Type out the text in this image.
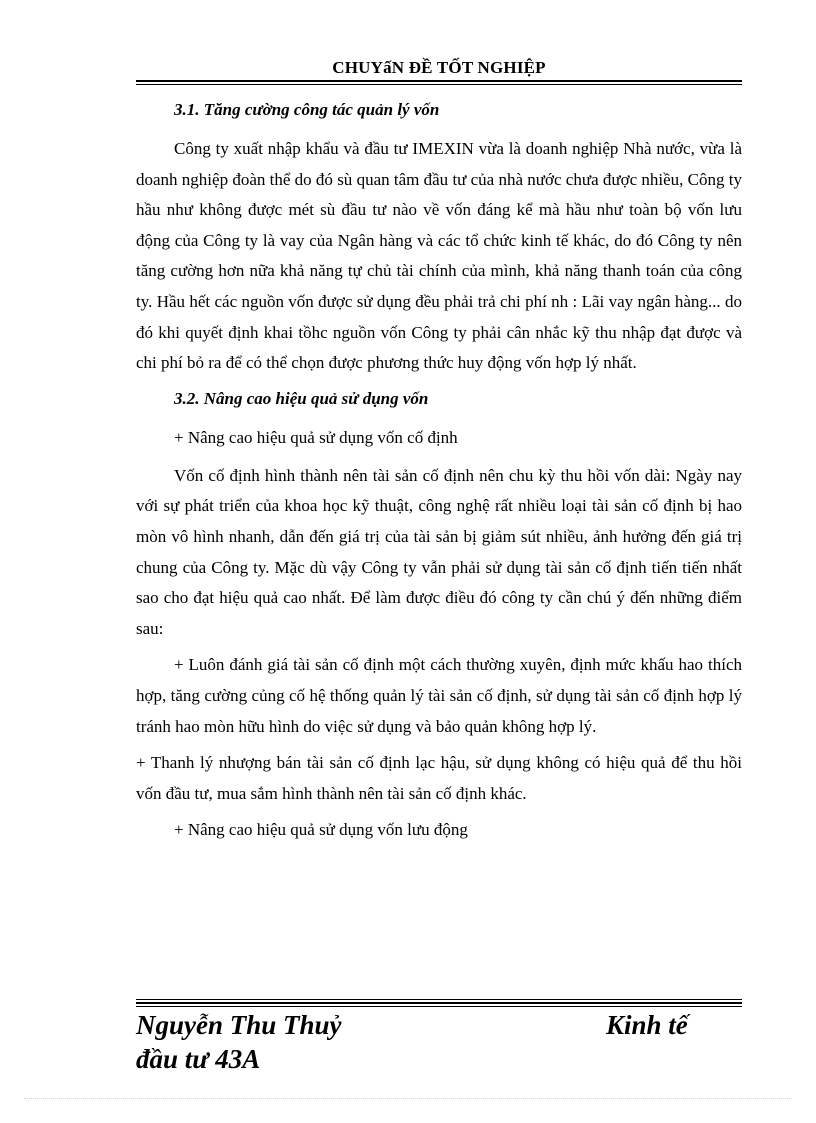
CHUYấN ĐỀ TỐT NGHIỆP

3.1. Tăng cường công tác quản lý vốn

Công ty xuất nhập khẩu và đầu tư IMEXIN vừa là doanh nghiệp Nhà nước, vừa là doanh nghiệp đoàn thể do đó sù quan tâm đầu tư của nhà nước chưa được nhiều, Công ty hầu như không được mét sù đầu tư nào về vốn đáng kể mà hầu như toàn bộ vốn lưu động của Công ty là vay của Ngân hàng và các tổ chức kinh tế khác, do đó Công ty nên tăng cường hơn nữa khả năng tự chủ tài chính của mình, khả năng thanh toán của công ty. Hầu hết các nguồn vốn được sử dụng đều phải trả chi phí nh : Lãi vay ngân hàng... do đó khi quyết định khai tồhc nguồn vốn Công ty phải cân nhắc kỹ thu nhập đạt được và chi phí bỏ ra để có thể chọn được phương thức huy động vốn hợp lý nhất.

3.2. Nâng cao hiệu quả sử dụng vốn

+ Nâng cao hiệu quả sử dụng vốn cố định

Vốn cố định hình thành nên tài sản cố định nên chu kỳ thu hồi vốn dài: Ngày nay với sự phát triển của khoa học kỹ thuật, công nghệ rất nhiều loại tài sản cố định bị hao mòn vô hình nhanh, dẫn đến giá trị của tài sản bị giảm sút nhiều, ảnh hưởng đến giá trị chung của Công ty. Mặc dù vậy Công ty vẫn phải sử dụng tài sản cố định tiến tiến nhất sao cho đạt hiệu quả cao nhất. Để làm được điều đó công ty cần chú ý đến những điểm sau:

+ Luôn đánh giá tài sản cố định một cách thường xuyên, định mức khấu hao thích hợp, tăng cường củng cố hệ thống quản lý tài sản cố định, sử dụng tài sản cố định hợp lý tránh hao mòn hữu hình do việc sử dụng và bảo quản không hợp lý.

+ Thanh lý nhượng bán tài sản cố định lạc hậu, sử dụng không có hiệu quả để thu hồi vốn đầu tư, mua sắm hình thành nên tài sản cố định khác.

+ Nâng cao hiệu quả sử dụng vốn lưu động

Nguyễn Thu Thuỷ	Kinh tế
đầu tư 43A
